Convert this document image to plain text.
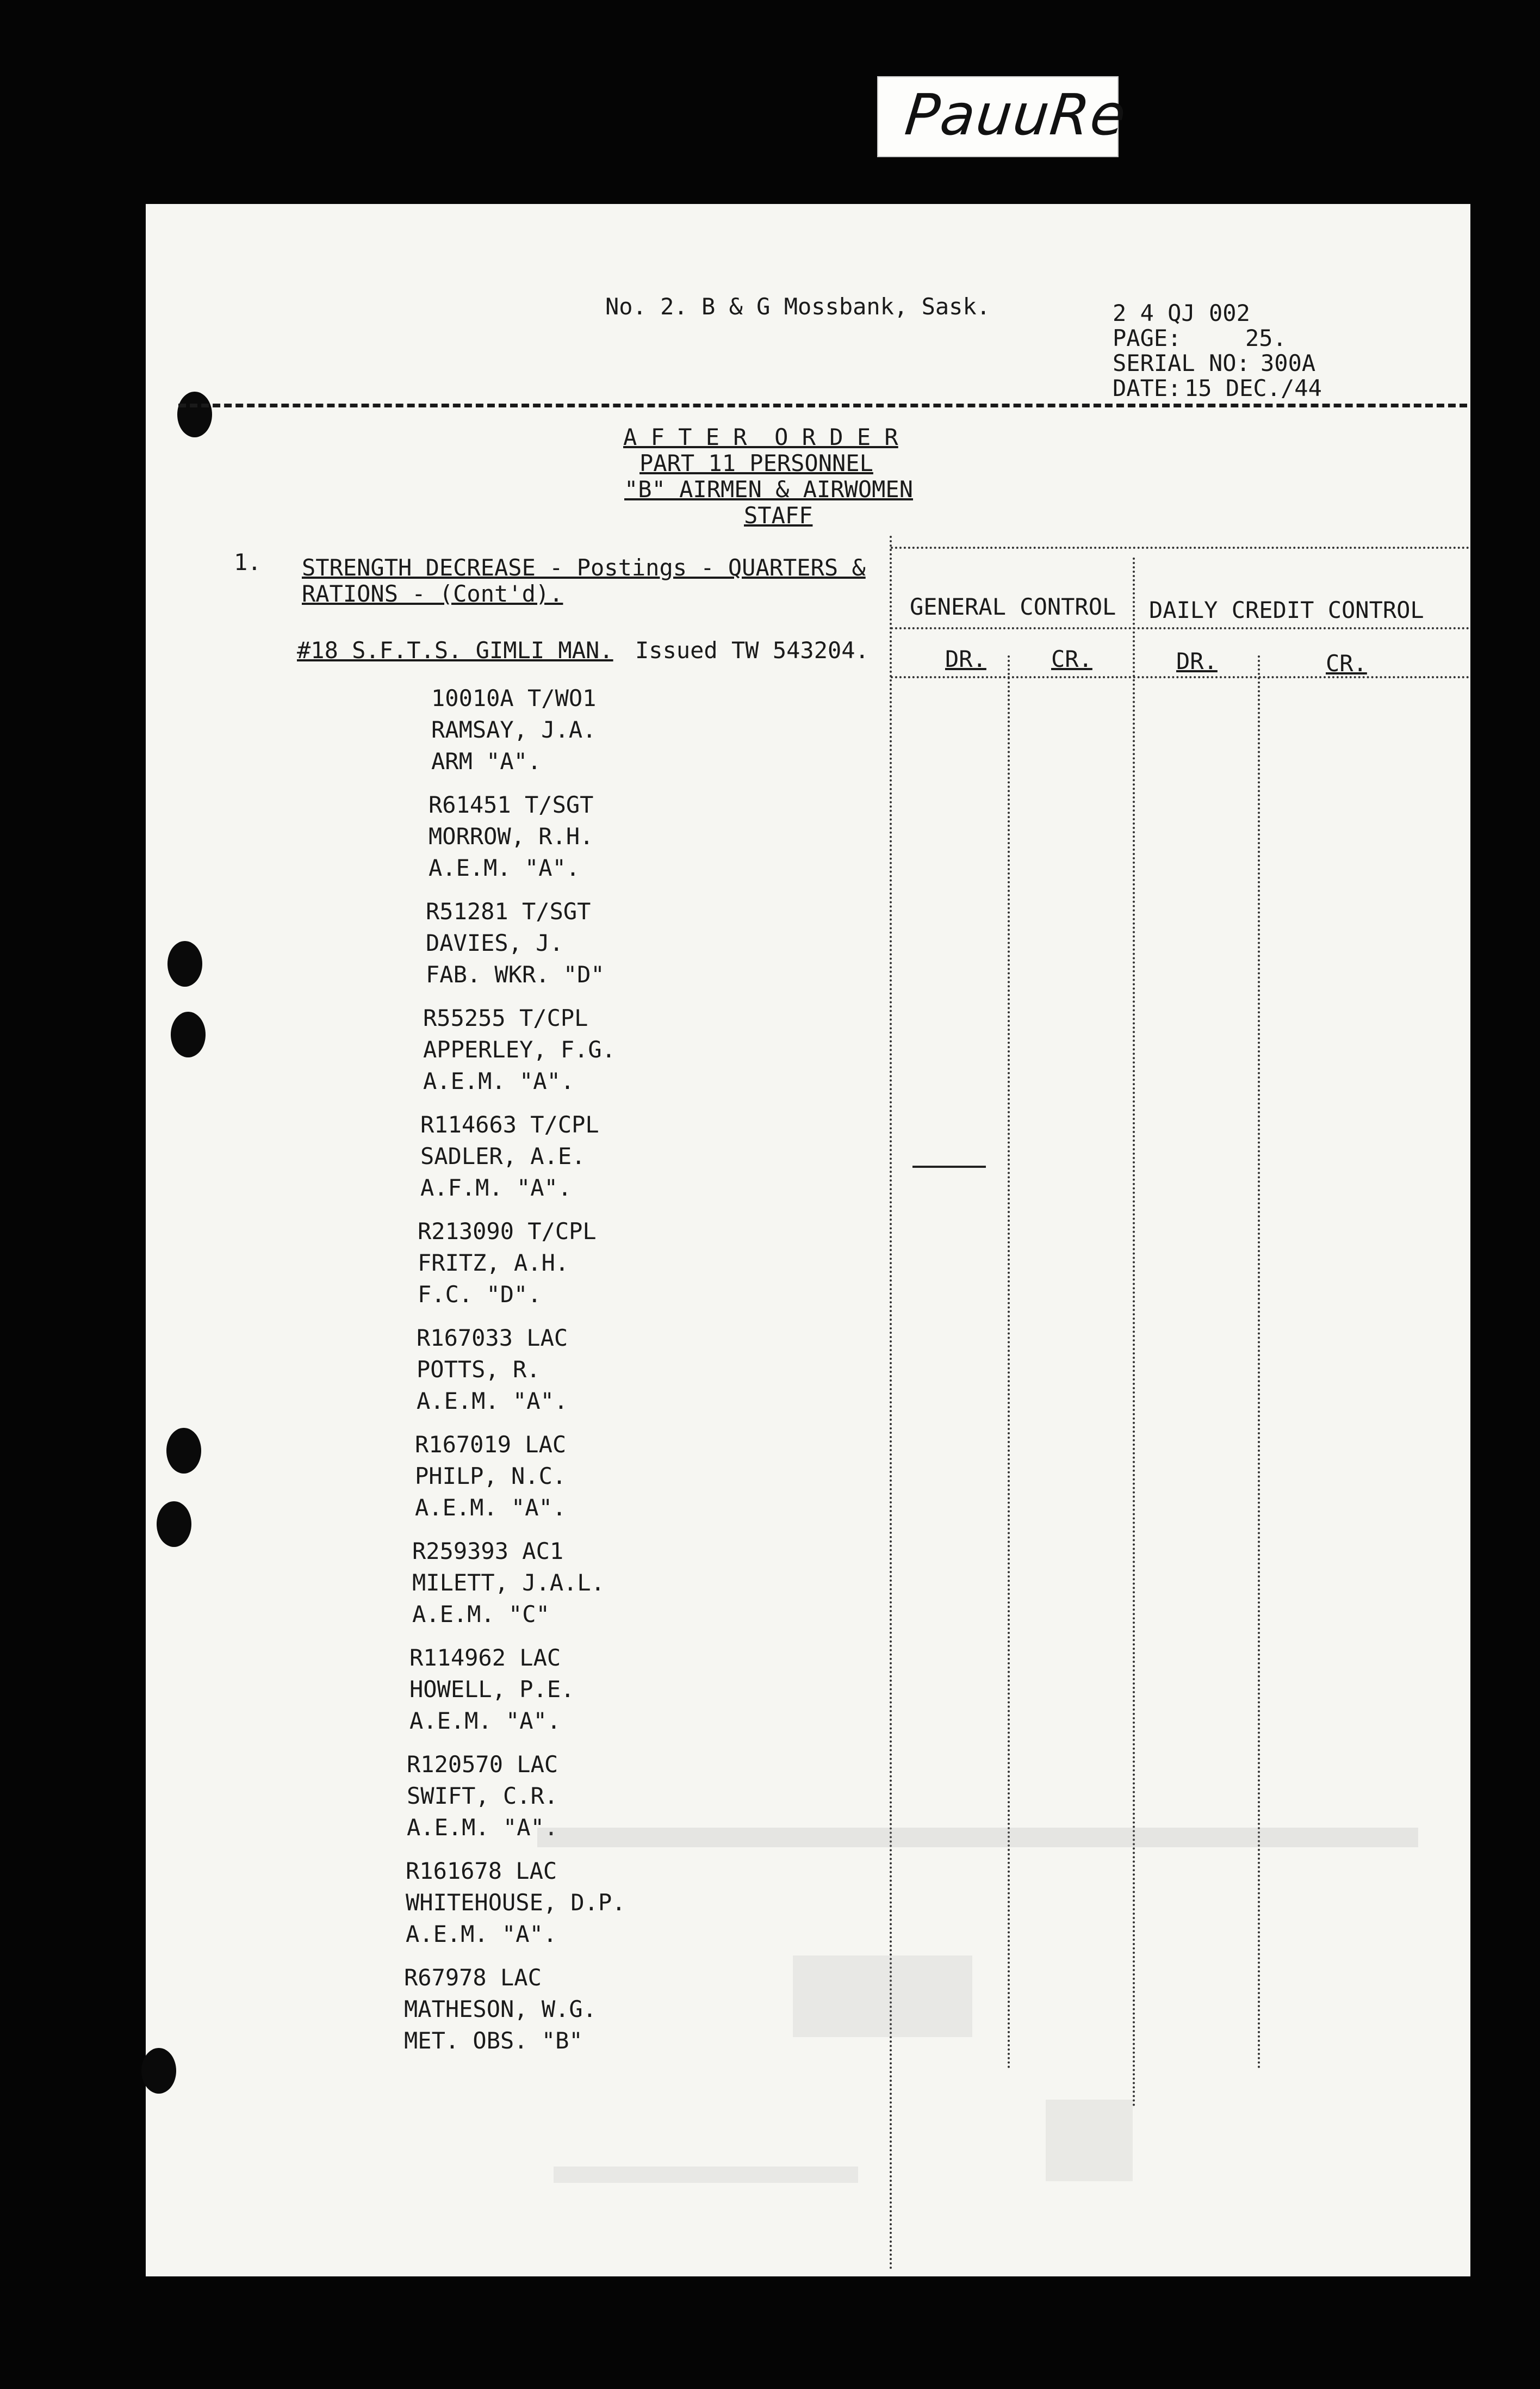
PauuRe
No. 2. B & G Mossbank, Sask.	2 4 QJ 002
PAGE:	25.
SERIAL NO: 300A
DATE: 15 DEC./44
A F T E R  O R D E R
PART 11 PERSONNEL
"B" AIRMEN & AIRWOMEN
STAFF
1. STRENGTH DECREASE - Postings - QUARTERS &
RATIONS - (Cont'd).
#18 S.F.T.S. GIMLI MAN. Issued TW 543204.
GENERAL CONTROL DAILY CREDIT CONTROL
DR.	CR.	DR.	CR.
10010A T/WO1
RAMSAY, J.A.
ARM "A".
R61451 T/SGT
MORROW, R.H.
A.E.M. "A".
R51281 T/SGT
DAVIES, J.
FAB. WKR. "D"
R55255 T/CPL
APPERLEY, F.G.
A.E.M. "A".
R114663 T/CPL
SADLER, A.E.
A.F.M. "A".
R213090 T/CPL
FRITZ, A.H.
F.C. "D".
R167033 LAC
POTTS, R.
A.E.M. "A".
R167019 LAC
PHILP, N.C.
A.E.M. "A".
R259393 AC1
MILETT, J.A.L.
A.E.M. "C"
R114962 LAC
HOWELL, P.E.
A.E.M. "A".
R120570 LAC
SWIFT, C.R.
A.E.M. "A".
R161678 LAC
WHITEHOUSE, D.P.
A.E.M. "A".
R67978 LAC
MATHESON, W.G.
MET. OBS. "B"
